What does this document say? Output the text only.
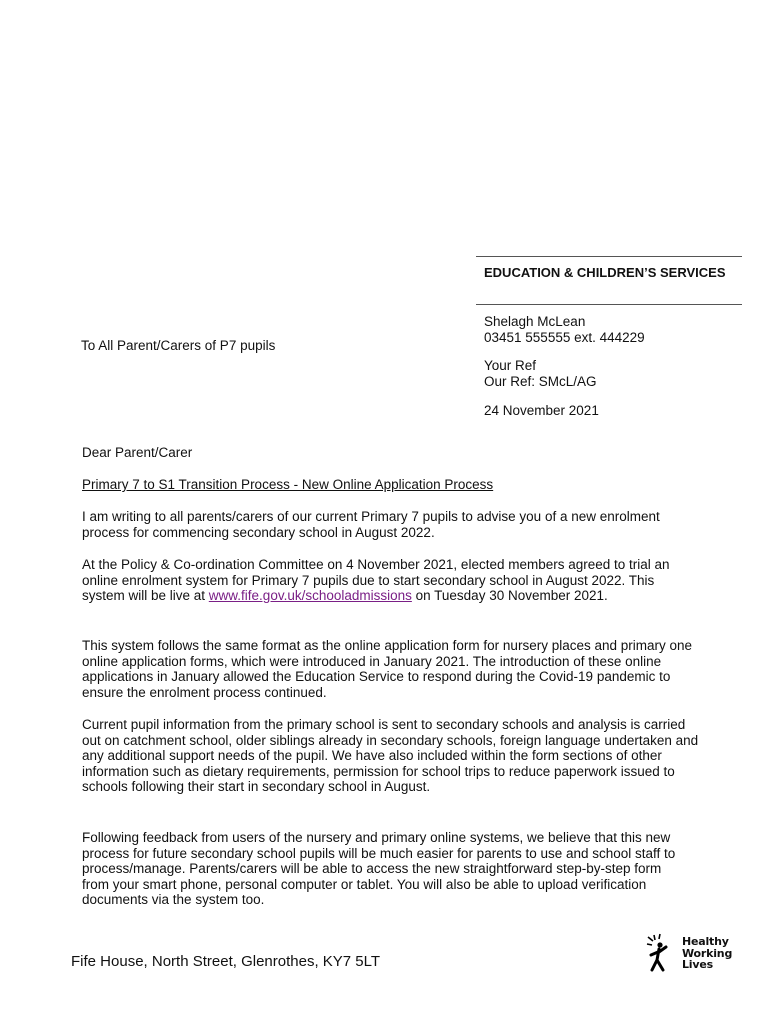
EDUCATION & CHILDREN’S SERVICES
Shelagh McLean
03451 555555 ext. 444229
Your Ref
Our Ref: SMcL/AG
24 November 2021
To All Parent/Carers of P7 pupils
Dear Parent/Carer
Primary 7 to S1 Transition Process - New Online Application Process
I am writing to all parents/carers of our current Primary 7 pupils to advise you of a new enrolment process for commencing secondary school in August 2022.
At the Policy & Co-ordination Committee on 4 November 2021, elected members agreed to trial an online enrolment system for Primary 7 pupils due to start secondary school in August 2022. This system will be live at www.fife.gov.uk/schooladmissions on Tuesday 30 November 2021.
This system follows the same format as the online application form for nursery places and primary one online application forms, which were introduced in January 2021. The introduction of these online applications in January allowed the Education Service to respond during the Covid-19 pandemic to ensure the enrolment process continued.
Current pupil information from the primary school is sent to secondary schools and analysis is carried out on catchment school, older siblings already in secondary schools, foreign language undertaken and any additional support needs of the pupil. We have also included within the form sections of other information such as dietary requirements, permission for school trips to reduce paperwork issued to schools following their start in secondary school in August.
Following feedback from users of the nursery and primary online systems, we believe that this new process for future secondary school pupils will be much easier for parents to use and school staff to process/manage. Parents/carers will be able to access the new straightforward step-by-step form from your smart phone, personal computer or tablet. You will also be able to upload verification documents via the system too.
Fife House, North Street, Glenrothes, KY7 5LT
Healthy
Working
Lives
